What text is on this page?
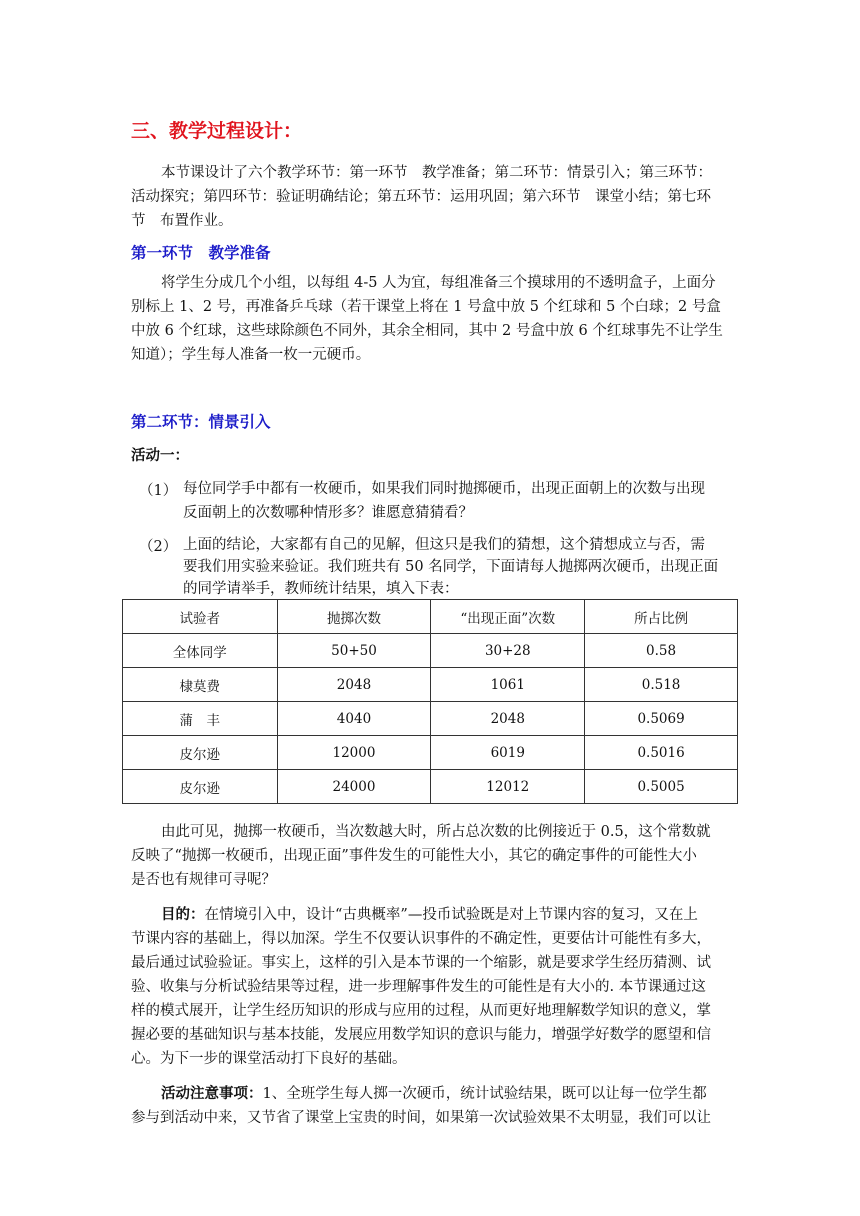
三、教学过程设计：
本节课设计了六个教学环节：第一环节　教学准备；第二环节：情景引入；第三环节：
活动探究；第四环节：验证明确结论；第五环节：运用巩固；第六环节　课堂小结；第七环
节　布置作业。
第一环节　教学准备
将学生分成几个小组，以每组 4-5 人为宜，每组准备三个摸球用的不透明盒子，上面分
别标上 1、2 号，再准备乒乓球（若干课堂上将在 1 号盒中放 5 个红球和 5 个白球；2 号盒
中放 6 个红球，这些球除颜色不同外，其余全相同，其中 2 号盒中放 6 个红球事先不让学生
知道）；学生每人准备一枚一元硬币。
第二环节：情景引入
活动一：
（1） 每位同学手中都有一枚硬币，如果我们同时抛掷硬币，出现正面朝上的次数与出现
反面朝上的次数哪种情形多？谁愿意猜猜看？
（2） 上面的结论，大家都有自己的见解，但这只是我们的猜想，这个猜想成立与否，需
要我们用实验来验证。我们班共有 50 名同学，下面请每人抛掷两次硬币，出现正面
的同学请举手，教师统计结果，填入下表：
试验者	抛掷次数	“出现正面”次数	所占比例
全体同学	50+50	30+28	0.58
棣莫费	2048	1061	0.518
蒲　丰	4040	2048	0.5069
皮尔逊	12000	6019	0.5016
皮尔逊	24000	12012	0.5005
由此可见，抛掷一枚硬币，当次数越大时，所占总次数的比例接近于 0.5，这个常数就
反映了“抛掷一枚硬币，出现正面”事件发生的可能性大小，其它的确定事件的可能性大小
是否也有规律可寻呢？
目的：在情境引入中，设计“古典概率”—投币试验既是对上节课内容的复习，又在上
节课内容的基础上，得以加深。学生不仅要认识事件的不确定性，更要估计可能性有多大，
最后通过试验验证。事实上，这样的引入是本节课的一个缩影，就是要求学生经历猜测、试
验、收集与分析试验结果等过程，进一步理解事件发生的可能性是有大小的. 本节课通过这
样的模式展开，让学生经历知识的形成与应用的过程，从而更好地理解数学知识的意义，掌
握必要的基础知识与基本技能，发展应用数学知识的意识与能力，增强学好数学的愿望和信
心。为下一步的课堂活动打下良好的基础。
活动注意事项：1、全班学生每人掷一次硬币，统计试验结果，既可以让每一位学生都
参与到活动中来，又节省了课堂上宝贵的时间，如果第一次试验效果不太明显，我们可以让
